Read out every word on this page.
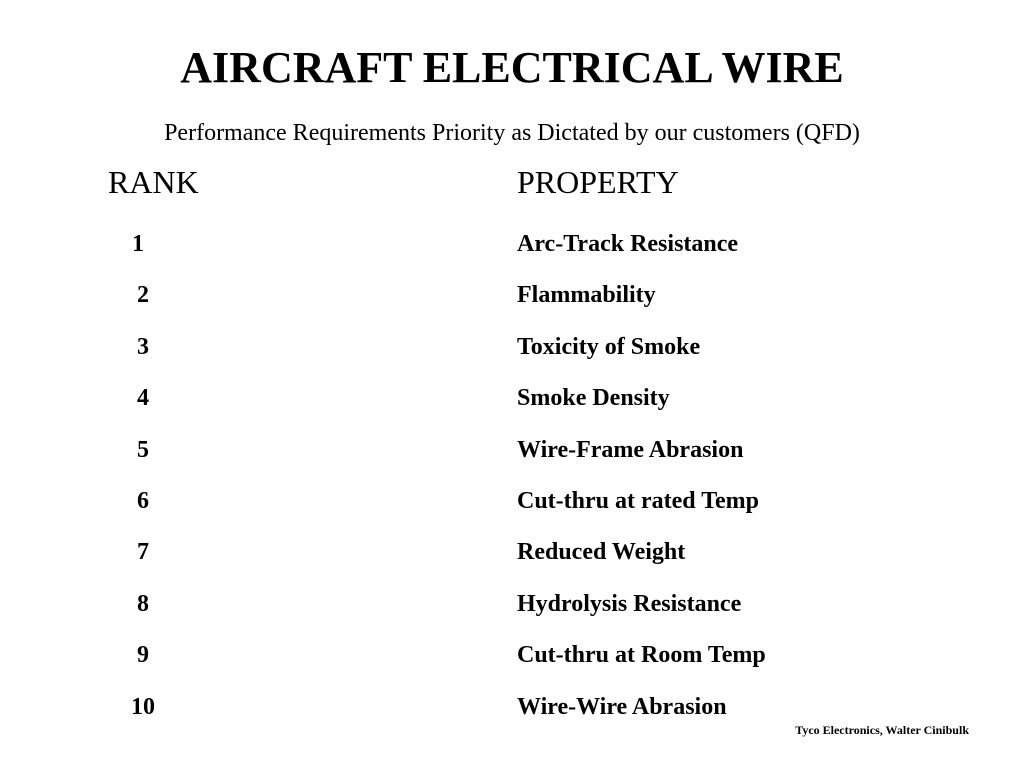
AIRCRAFT ELECTRICAL WIRE
Performance Requirements Priority as Dictated by our customers (QFD)
RANK	PROPERTY
1	Arc-Track Resistance
2	Flammability
3	Toxicity of Smoke
4	Smoke Density
5	Wire-Frame Abrasion
6	Cut-thru at rated Temp
7	Reduced Weight
8	Hydrolysis Resistance
9	Cut-thru at Room Temp
10	Wire-Wire Abrasion
Tyco Electronics, Walter Cinibulk
